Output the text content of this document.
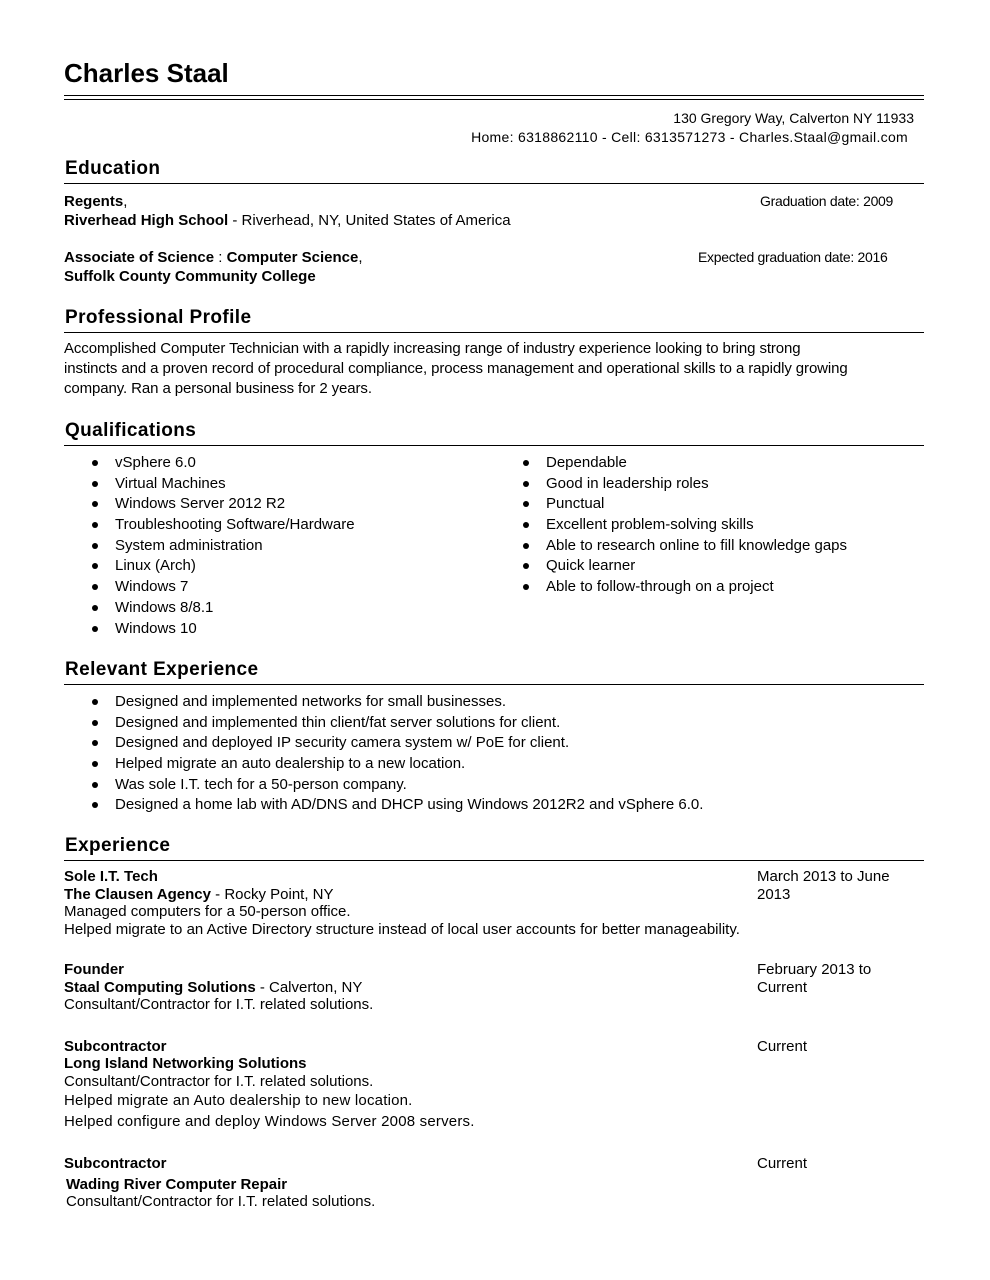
Charles Staal
130 Gregory Way, Calverton NY 11933
Home: 6318862110 - Cell: 6313571273 - Charles.Staal@gmail.com
Education
Regents,
Riverhead High School - Riverhead, NY, United States of America
Graduation date: 2009
Associate of Science : Computer Science,
Suffolk County Community College
Expected graduation date: 2016
Professional Profile
Accomplished Computer Technician with a rapidly increasing range of industry experience looking to bring strong
instincts and a proven record of procedural compliance, process management and operational skills to a rapidly growing
company. Ran a personal business for 2 years.
Qualifications
vSphere 6.0
Virtual Machines
Windows Server 2012 R2
Troubleshooting Software/Hardware
System administration
Linux (Arch)
Windows 7
Windows 8/8.1
Windows 10
Dependable
Good in leadership roles
Punctual
Excellent problem-solving skills
Able to research online to fill knowledge gaps
Quick learner
Able to follow-through on a project
Relevant Experience
Designed and implemented networks for small businesses.
Designed and implemented thin client/fat server solutions for client.
Designed and deployed IP security camera system w/ PoE for client.
Helped migrate an auto dealership to a new location.
Was sole I.T. tech for a 50-person company.
Designed a home lab with AD/DNS and DHCP using Windows 2012R2 and vSphere 6.0.
Experience
Sole I.T. Tech
The Clausen Agency - Rocky Point, NY
Managed computers for a 50-person office.
Helped migrate to an Active Directory structure instead of local user accounts for better manageability.
March 2013 to June 2013
Founder
Staal Computing Solutions - Calverton, NY
Consultant/Contractor for I.T. related solutions.
February 2013 to Current
Subcontractor
Long Island Networking Solutions
Consultant/Contractor for I.T. related solutions.
Helped migrate an Auto dealership to new location.
Helped configure and deploy Windows Server 2008 servers.
Current
Subcontractor
Wading River Computer Repair
Consultant/Contractor for I.T. related solutions.
Current
